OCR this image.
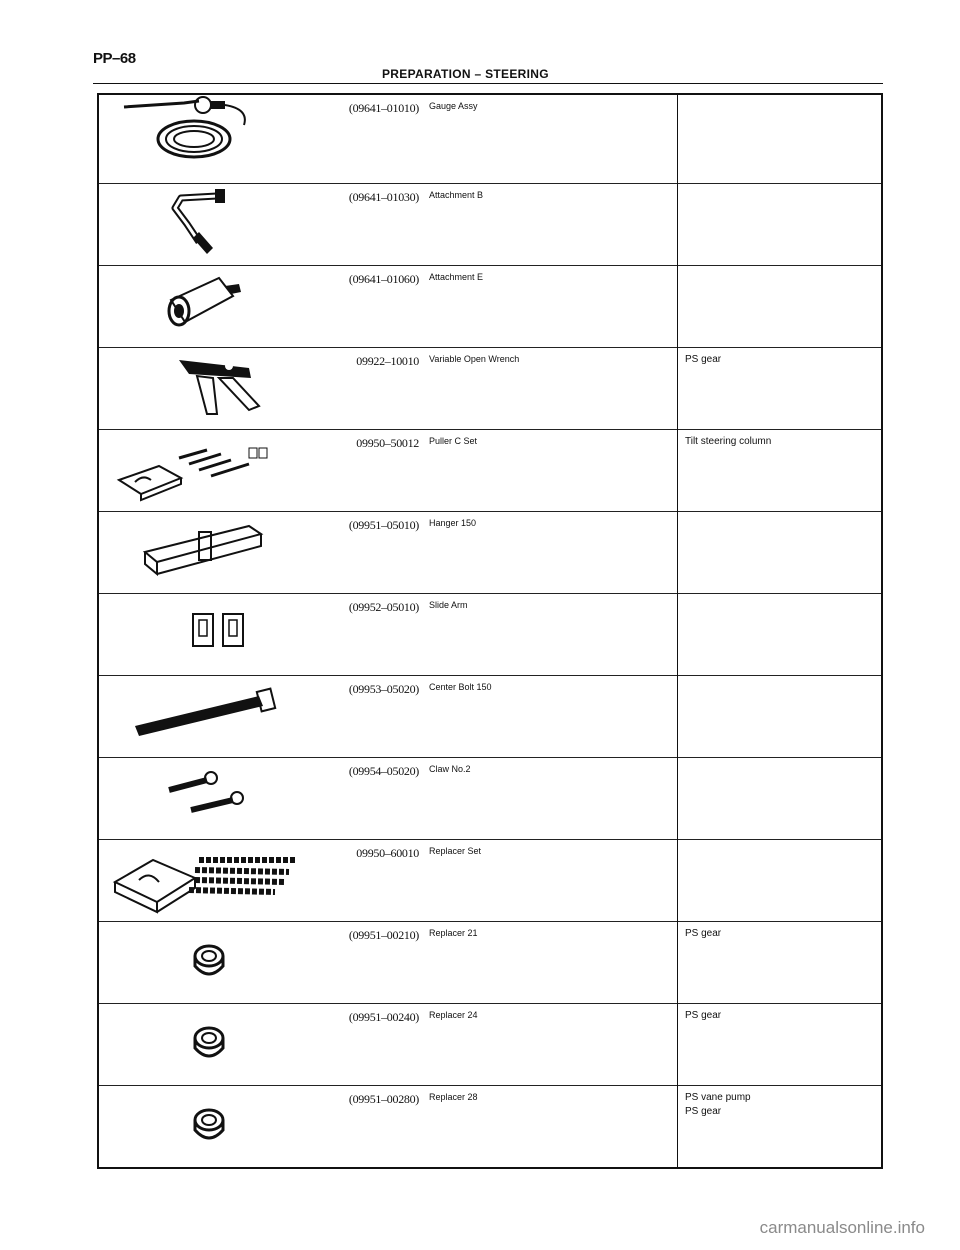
PP–68
PREPARATION – STEERING
	(09641–01010)	Gauge Assy	

	(09641–01030)	Attachment B	

	(09641–01060)	Attachment E	

	09922–10010	Variable Open Wrench	PS gear

	09950–50012	Puller C Set	Tilt steering column

	(09951–05010)	Hanger 150	

	(09952–05010)	Slide Arm	

	(09953–05020)	Center Bolt 150	

	(09954–05020)	Claw No.2	

	09950–60010	Replacer Set	

	(09951–00210)	Replacer 21	PS gear

	(09951–00240)	Replacer 24	PS gear

	(09951–00280)	Replacer 28	PS vane pump
PS gear
carmanualsonline.info
